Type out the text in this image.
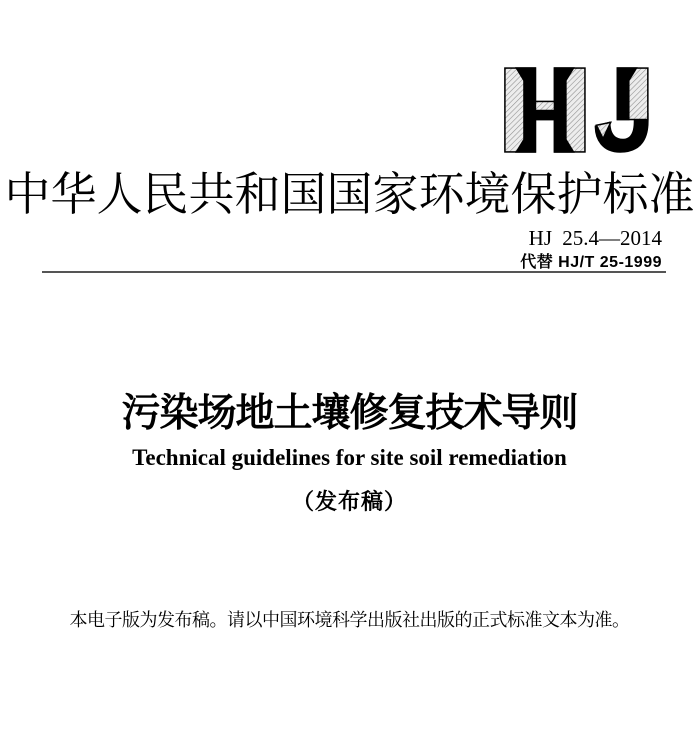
中华人民共和国国家环境保护标准
HJ 25.4—2014
代替 HJ/T 25-1999
污染场地土壤修复技术导则
Technical guidelines for site soil remediation
（发布稿）

本电子版为发布稿。请以中国环境科学出版社出版的正式标准文本为准。
